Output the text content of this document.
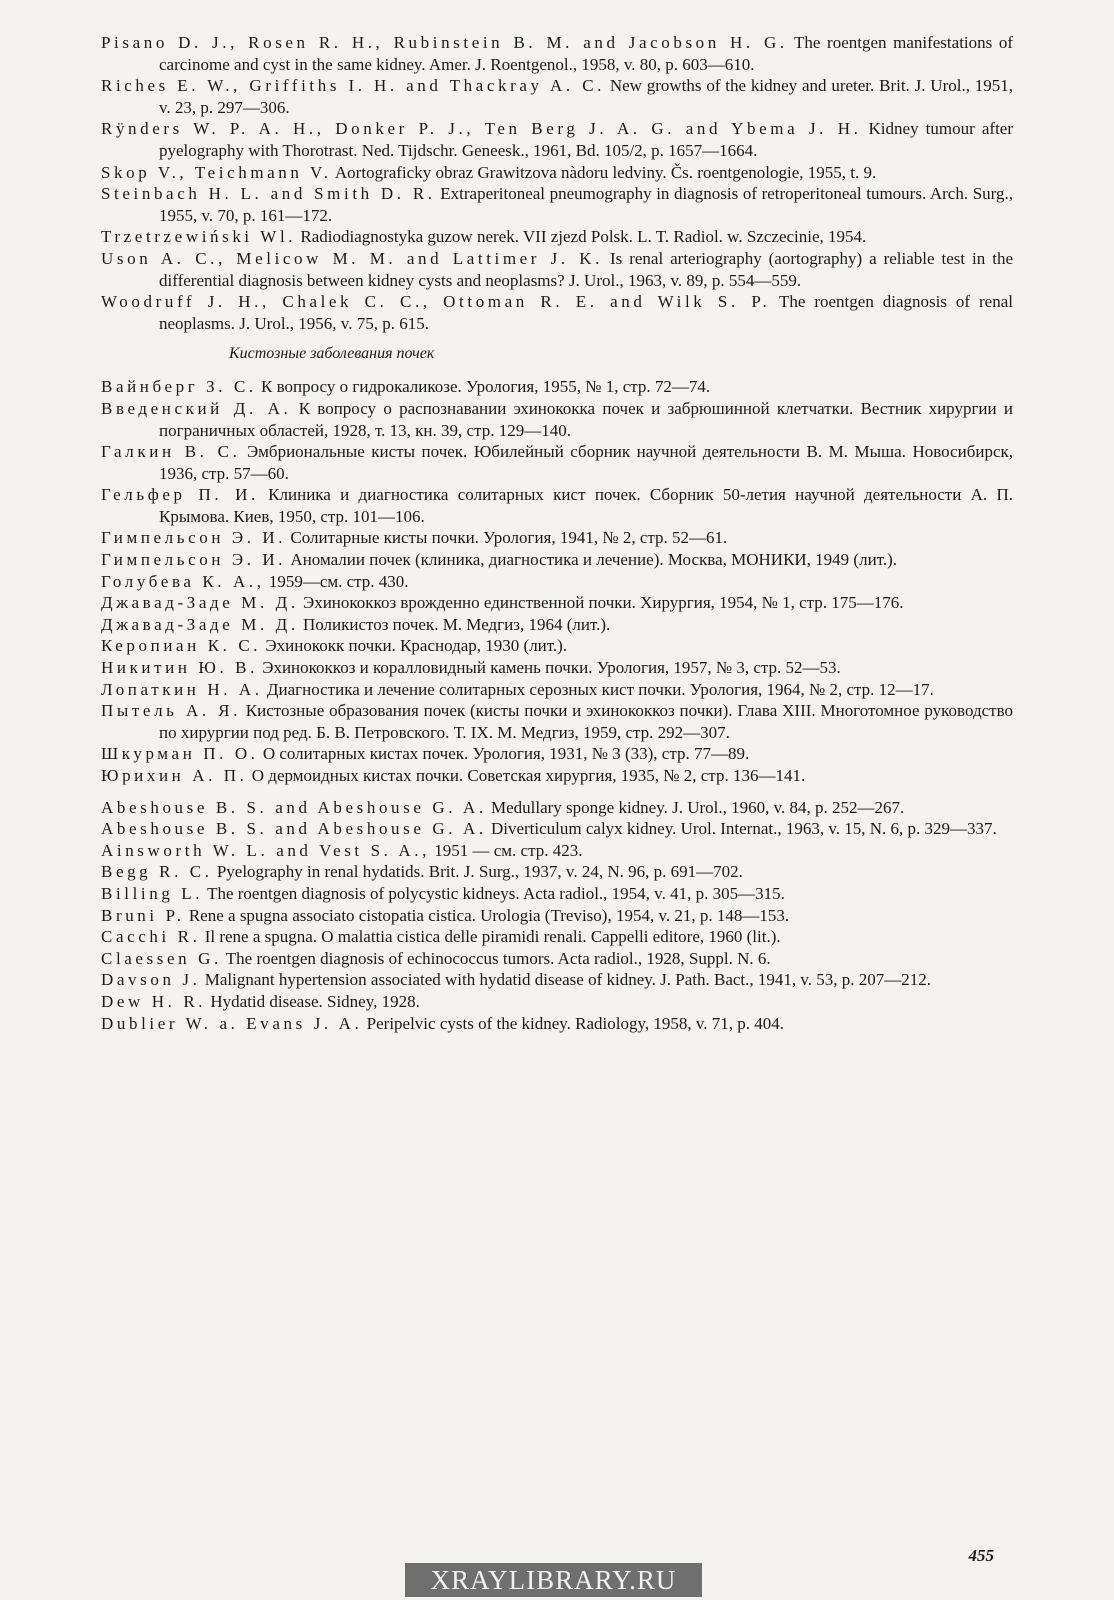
Pisano D. J., Rosen R. H., Rubinstein B. M. and Jacobson H. G. The roentgen manifestations of carcinome and cyst in the same kidney. Amer. J. Roentgenol., 1958, v. 80, p. 603—610.
Riches E. W., Griffiths I. H. and Thackray A. C. New growths of the kidney and ureter. Brit. J. Urol., 1951, v. 23, p. 297—306.
Rÿnders W. P. A. H., Donker P. J., Ten Berg J. A. G. and Ybema J. H. Kidney tumour after pyelography with Thorotrast. Ned. Tijdschr. Geneesk., 1961, Bd. 105/2, p. 1657—1664.
Skop V., Teichmann V. Aortograficky obraz Grawitzova nàdoru ledviny. Čs. roentgenologie, 1955, t. 9.
Steinbach H. L. and Smith D. R. Extraperitoneal pneumography in diagnosis of retroperitoneal tumours. Arch. Surg., 1955, v. 70, p. 161—172.
Trzetrzewiński Wl. Radiodiagnostyka guzow nerek. VII zjezd Polsk. L. T. Radiol. w. Szczecinie, 1954.
Uson A. C., Melicow M. M. and Lattimer J. K. Is renal arteriography (aortography) a reliable test in the differential diagnosis between kidney cysts and neoplasms? J. Urol., 1963, v. 89, p. 554—559.
Woodruff J. H., Chalek C. C., Ottoman R. E. and Wilk S. P. The roentgen diagnosis of renal neoplasms. J. Urol., 1956, v. 75, p. 615.
Кистозные заболевания почек
Вайнберг З. С. К вопросу о гидрокаликозе. Урология, 1955, № 1, стр. 72—74.
Введенский Д. А. К вопросу о распознавании эхинококка почек и забрюшинной клетчатки. Вестник хирургии и пограничных областей, 1928, т. 13, кн. 39, стр. 129—140.
Галкин В. С. Эмбриональные кисты почек. Юбилейный сборник научной деятельности В. М. Мыша. Новосибирск, 1936, стр. 57—60.
Гельфер П. И. Клиника и диагностика солитарных кист почек. Сборник 50-летия научной деятельности А. П. Крымова. Киев, 1950, стр. 101—106.
Гимпельсон Э. И. Солитарные кисты почки. Урология, 1941, № 2, стр. 52—61.
Гимпельсон Э. И. Аномалии почек (клиника, диагностика и лечение). Москва, МОНИКИ, 1949 (лит.).
Голубева К. А., 1959—см. стр. 430.
Джавад-Заде М. Д. Эхинококкоз врожденно единственной почки. Хирургия, 1954, № 1, стр. 175—176.
Джавад-Заде М. Д. Поликистоз почек. М. Медгиз, 1964 (лит.).
Керопиан К. С. Эхинококк почки. Краснодар, 1930 (лит.).
Никитин Ю. В. Эхинококкоз и коралловидный камень почки. Урология, 1957, № 3, стр. 52—53.
Лопаткин Н. А. Диагностика и лечение солитарных серозных кист почки. Урология, 1964, № 2, стр. 12—17.
Пытель А. Я. Кистозные образования почек (кисты почки и эхинококкоз почки). Глава XIII. Многотомное руководство по хирургии под ред. Б. В. Петровского. Т. IX. М. Медгиз, 1959, стр. 292—307.
Шкурман П. О. О солитарных кистах почек. Урология, 1931, № 3 (33), стр. 77—89.
Юрихин А. П. О дермоидных кистах почки. Советская хирургия, 1935, № 2, стр. 136—141.
Abeshouse B. S. and Abeshouse G. A. Medullary sponge kidney. J. Urol., 1960, v. 84, p. 252—267.
Abeshouse B. S. and Abeshouse G. A. Diverticulum calyx kidney. Urol. Internat., 1963, v. 15, N. 6, p. 329—337.
Ainsworth W. L. and Vest S. A., 1951 — см. стр. 423.
Begg R. C. Pyelography in renal hydatids. Brit. J. Surg., 1937, v. 24, N. 96, p. 691—702.
Billing L. The roentgen diagnosis of polycystic kidneys. Acta radiol., 1954, v. 41, p. 305—315.
Bruni P. Rene a spugna associato cistopatia cistica. Urologia (Treviso), 1954, v. 21, p. 148—153.
Cacchi R. Il rene a spugna. O malattia cistica delle piramidi renali. Cappelli editore, 1960 (lit.).
Claessen G. The roentgen diagnosis of echinococcus tumors. Acta radiol., 1928, Suppl. N. 6.
Davson J. Malignant hypertension associated with hydatid disease of kidney. J. Path. Bact., 1941, v. 53, p. 207—212.
Dew H. R. Hydatid disease. Sidney, 1928.
Dublier W. a. Evans J. A. Peripelvic cysts of the kidney. Radiology, 1958, v. 71, p. 404.
455
XRAYLIBRARY.RU
